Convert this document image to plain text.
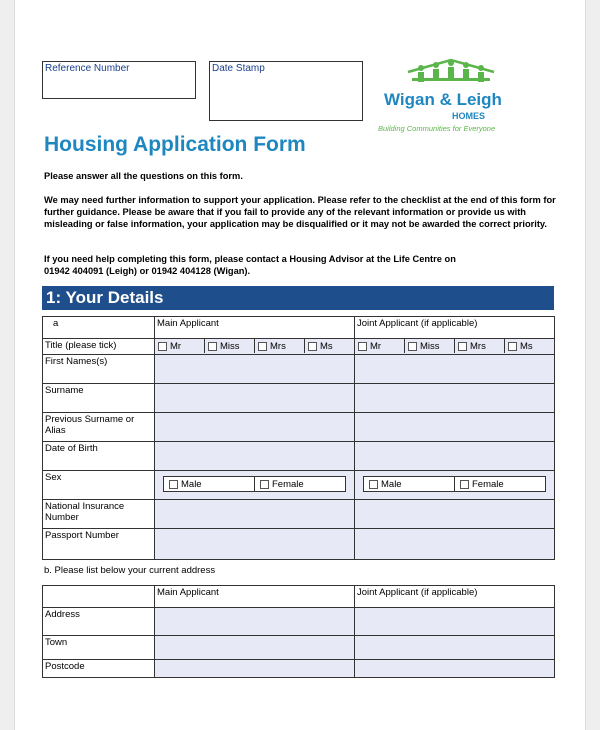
Reference Number	Date Stamp
Wigan & Leigh
HOMES
Building Communities for Everyone
Housing Application Form
Please answer all the questions on this form.
We may need further information to support your application. Please refer to the checklist at the end of this form for further guidance. Please be aware that if you fail to provide any of the relevant information or provide us with misleading or false information, your application may be disqualified or it may not be awarded the correct priority.
If you need help completing this form, please contact a Housing Advisor at the Life Centre on 01942 404091 (Leigh) or 01942 404128 (Wigan).
1: Your Details
a	Main Applicant	Joint Applicant (if applicable)
Title (please tick)	Mr Miss Mrs Ms	Mr Miss Mrs Ms

First Names(s)		
Surname		
Previous Surname or Alias		
Date of Birth		
Sex	Male Female	Male Female

National Insurance Number		
Passport Number		
b. Please list below your current address
	Main Applicant	Joint Applicant (if applicable)
Address		
Town		
Postcode		
